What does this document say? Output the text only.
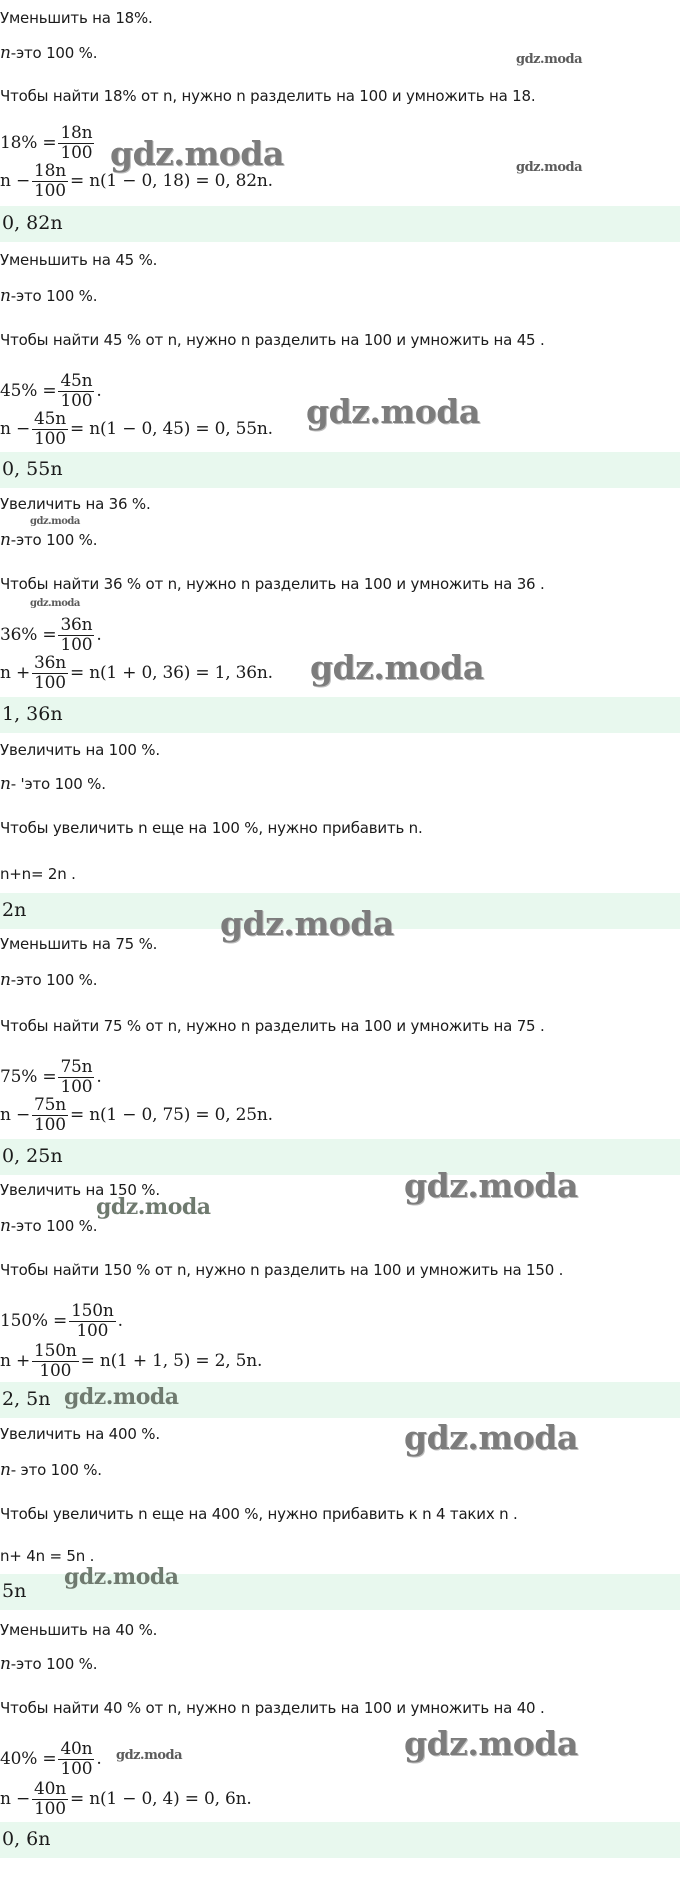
Уменьшить на 18%.
n-это 100 %.
Чтобы найти 18% от n, нужно n разделить на 100 и умножить на 18.
$18\% = \frac{18n}{100}$
$n - \frac{18n}{100} = n(1 - 0$, 18) = 0, 82n.
0, 82n
Уменьшить на 45 %.
n-это 100 %.
Чтобы найти 45 % от n, нужно n разделить на 100 и умножить на 45 .
$45\% = \frac{45n}{100}$ .
$n - \frac{45n}{100} = n(1 - 0$, 45) = 0, 55n.
0, 55n
Увеличить на 36 %.
n-это 100 %.
Чтобы найти 36 % от n, нужно n разделить на 100 и умножить на 36 .
$36\% = \frac{36n}{100}$ .
$n + \frac{36n}{100} = n(1 + 0$, 36) = 1, 36n.
1, 36n
Увеличить на 100 %.
n- 'это 100 %.
Чтобы увеличить n еще на 100 %, нужно прибавить n.
n+n= 2n .
2n
Уменьшить на 75 %.
n-это 100 %.
Чтобы найти 75 % от n, нужно n разделить на 100 и умножить на 75 .
$75\% = \frac{75n}{100}$ .
$n - \frac{75n}{100} = n(1 - 0$, 75) = 0, 25n.
0, 25n
Увеличить на 150 %.
n-это 100 %.
Чтобы найти 150 % от n, нужно n разделить на 100 и умножить на 150 .
$150\% = \frac{150n}{100}$ .
$n + \frac{150n}{100} = n(1 + 1$, 5) = 2, 5n.
2, 5n
Увеличить на 400 %.
n- это 100 %.
Чтобы увеличить n еще на 400 %, нужно прибавить к n 4 таких n .
n+ 4n = 5n .
5n
Уменьшить на 40 %.
n-это 100 %.
Чтобы найти 40 % от n, нужно n разделить на 100 и умножить на 40 .
$40\% = \frac{40n}{100}$ .
$n - \frac{40n}{100} = n(1 - 0$, 4) = 0, 6n.
0, 6n
gdz.moda
gdz.moda	gdz.moda
gdz.moda
gdz.moda
gdz.moda
gdz.moda
gdz.moda
gdz.moda
gdz.moda
gdz.moda
gdz.moda
gdz.moda
gdz.moda
gdz.moda
